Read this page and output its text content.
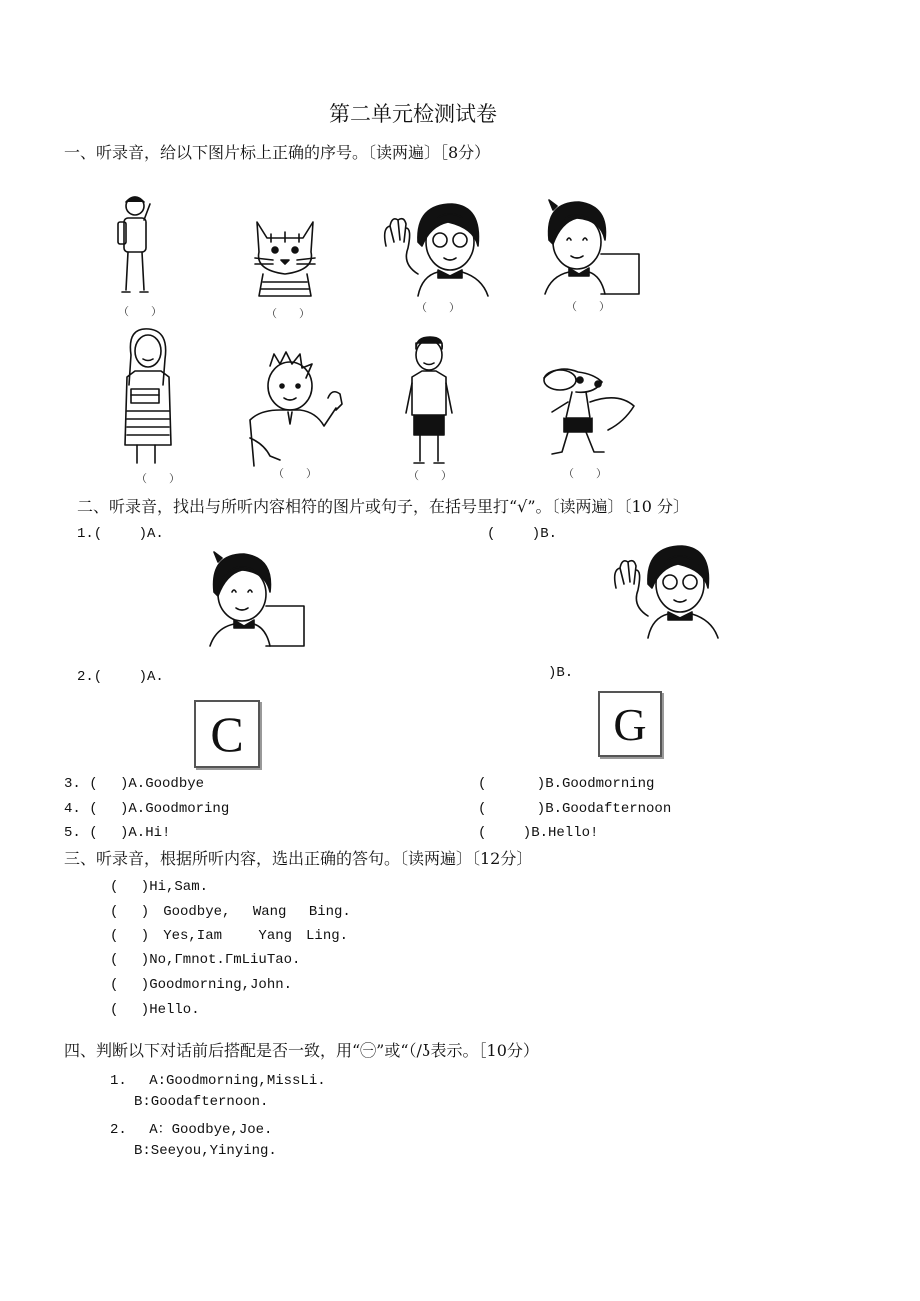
第二单元检测试卷
一、听录音，给以下图片标上正确的序号。〔读两遍〕［8分）
（　　）	（　　）	（　　）	（　　）
（　　）	（　　）	（　　）	（　　）
二、听录音，找出与所听内容相符的图片或句子，在括号里打“√”。〔读两遍〕〔10 分〕
1.(　　 )A.	(　　 )B.
2.(　　 )A.	)B.
C	G
3. (　 )A.Goodbye	(　　　 )B.Goodmorning
4. (　 )A.Goodmoring	(　　　 )B.Goodafternoon
5. (　 )A.Hi!	(　　 )B.Hello!
三、听录音，根据所听内容，选出正确的答句。〔读两遍〕〔12分〕
(　 )Hi,Sam.
(　 )　Goodbye,　 Wang　 Bing.
(　 )　Yes,Iam　　 Yang　Ling.
(　 )No,Γmnot.ΓmLiuTao.
(　 )Goodmorning,John.
(　 )Hello.
四、判断以下对话前后搭配是否一致，用“㊀”或“（∕ʖ表示。［10分）
1.　 A:Goodmorning,MissLi.
B:Goodafternoon.
2.　 A：Goodbye,Joe.
B:Seeyou,Yinying.
